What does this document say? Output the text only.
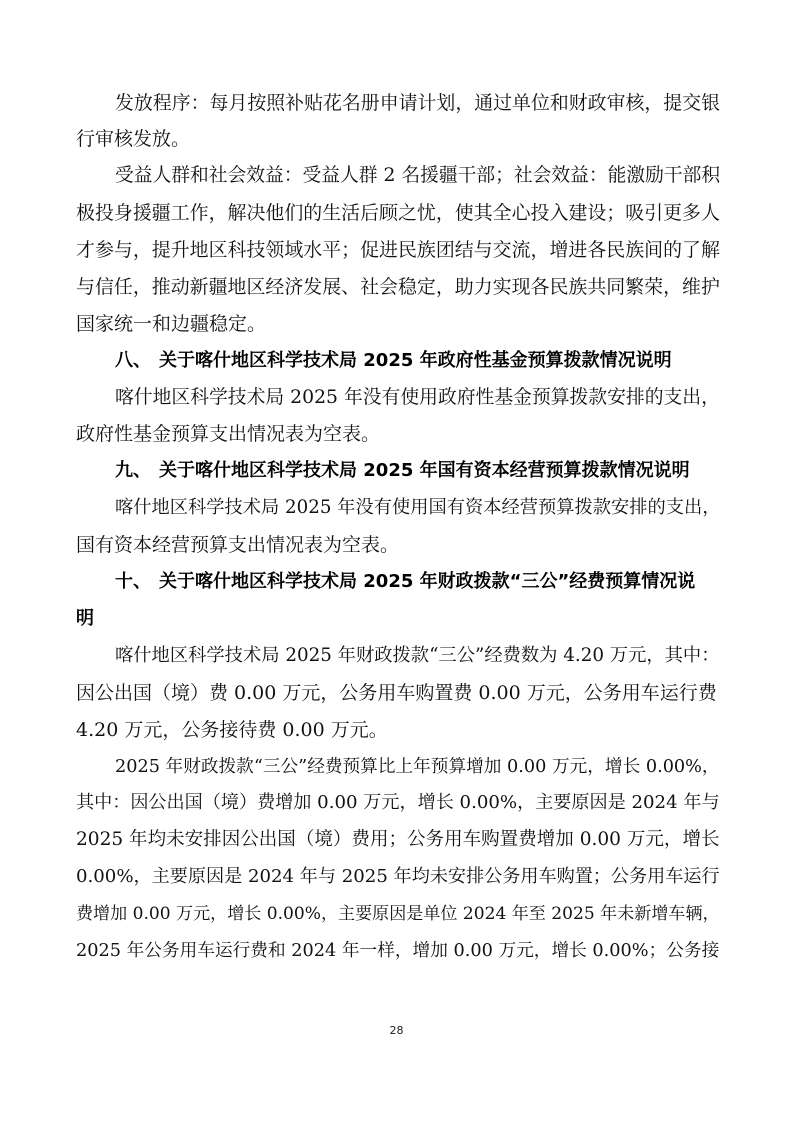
发放程序：每月按照补贴花名册申请计划，通过单位和财政审核，提交银

行审核发放。

受益人群和社会效益：受益人群 2 名援疆干部；社会效益：能激励干部积

极投身援疆工作，解决他们的生活后顾之忧，使其全心投入建设；吸引更多人

才参与，提升地区科技领域水平；促进民族团结与交流，增进各民族间的了解

与信任，推动新疆地区经济发展、社会稳定，助力实现各民族共同繁荣，维护

国家统一和边疆稳定。

八、 关于喀什地区科学技术局 2025 年政府性基金预算拨款情况说明

喀什地区科学技术局 2025 年没有使用政府性基金预算拨款安排的支出，

政府性基金预算支出情况表为空表。

九、 关于喀什地区科学技术局 2025 年国有资本经营预算拨款情况说明

喀什地区科学技术局 2025 年没有使用国有资本经营预算拨款安排的支出，

国有资本经营预算支出情况表为空表。

十、 关于喀什地区科学技术局 2025 年财政拨款“三公”经费预算情况说
明

喀什地区科学技术局 2025 年财政拨款“三公”经费数为 4.20 万元，其中：

因公出国（境）费 0.00 万元，公务用车购置费 0.00 万元，公务用车运行费

4.20 万元，公务接待费 0.00 万元。

2025 年财政拨款“三公”经费预算比上年预算增加 0.00 万元，增长 0.00%，

其中：因公出国（境）费增加 0.00 万元，增长 0.00%，主要原因是 2024 年与

2025 年均未安排因公出国（境）费用；公务用车购置费增加 0.00 万元，增长

0.00%，主要原因是 2024 年与 2025 年均未安排公务用车购置；公务用车运行

费增加 0.00 万元，增长 0.00%，主要原因是单位 2024 年至 2025 年未新增车辆，

2025 年公务用车运行费和 2024 年一样，增加 0.00 万元，增长 0.00%；公务接

28
